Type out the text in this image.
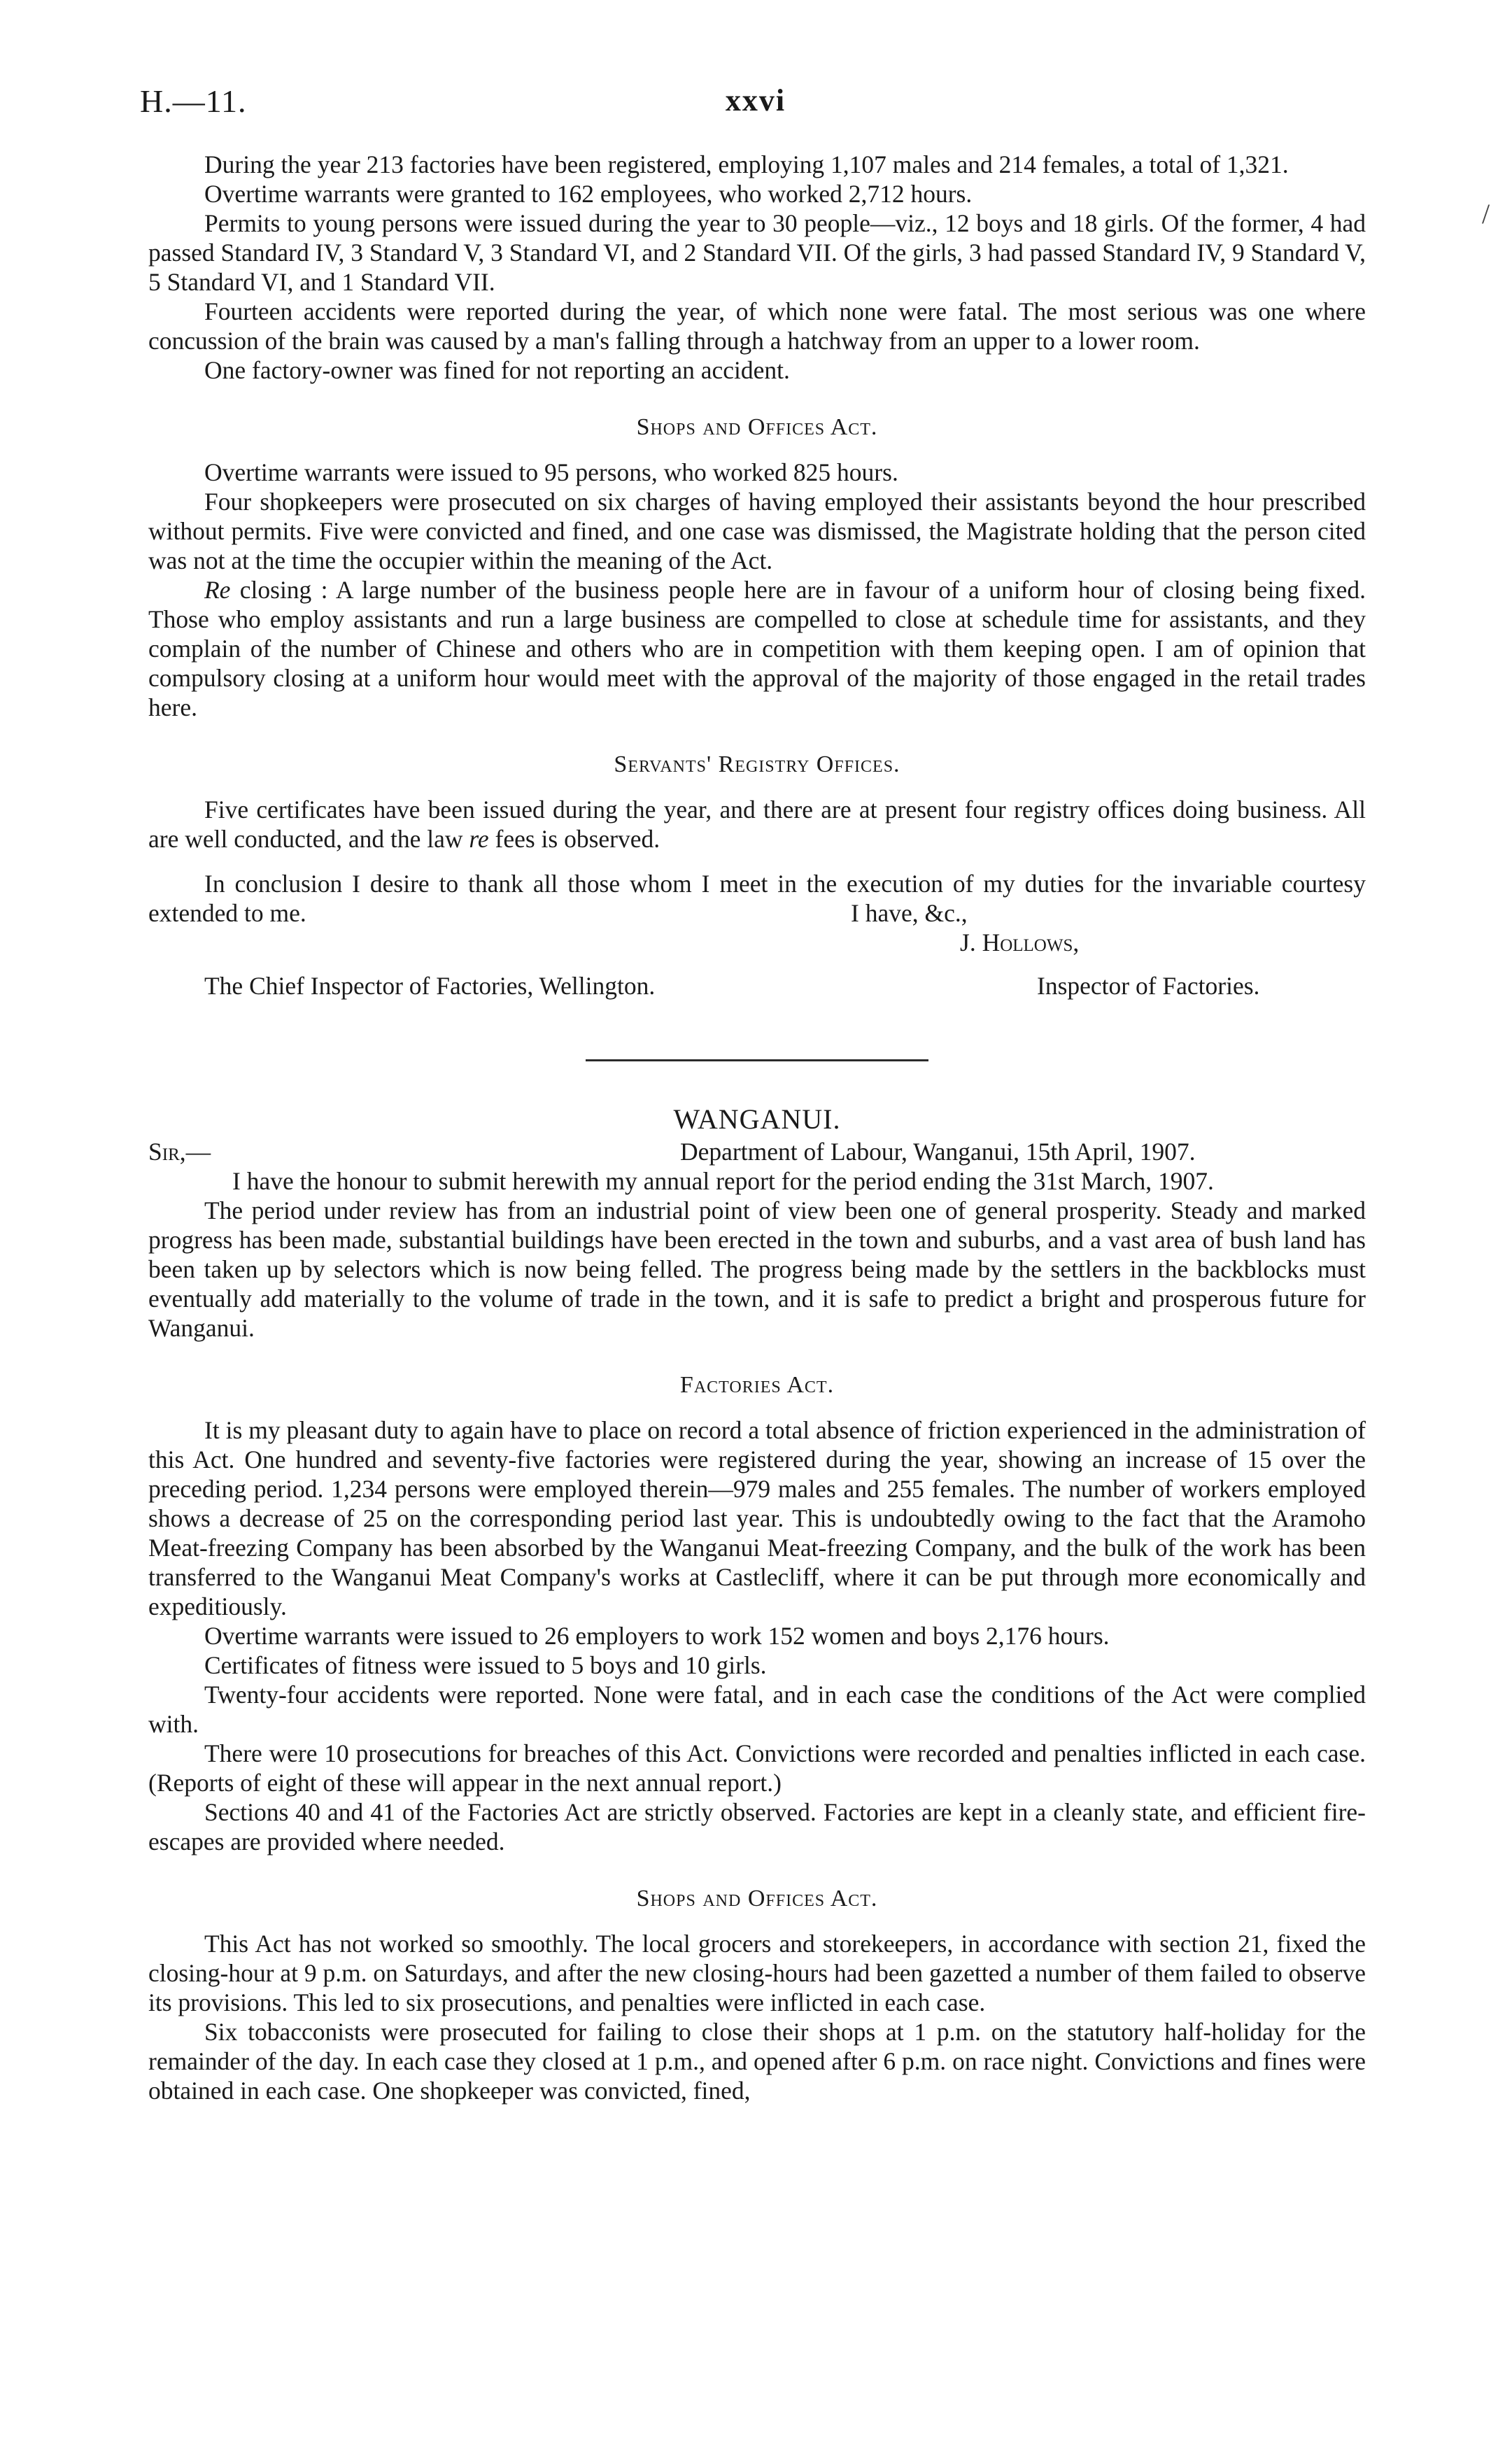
H.—11.	xxvi
/

During the year 213 factories have been registered, employing 1,107 males and 214 females, a total of 1,321.

Overtime warrants were granted to 162 employees, who worked 2,712 hours.

Permits to young persons were issued during the year to 30 people—viz., 12 boys and 18 girls. Of the former, 4 had passed Standard IV, 3 Standard V, 3 Standard VI, and 2 Standard VII. Of the girls, 3 had passed Standard IV, 9 Standard V, 5 Standard VI, and 1 Standard VII.

Fourteen accidents were reported during the year, of which none were fatal. The most serious was one where concussion of the brain was caused by a man's falling through a hatchway from an upper to a lower room.

One factory-owner was fined for not reporting an accident.

Shops and Offices Act.

Overtime warrants were issued to 95 persons, who worked 825 hours.

Four shopkeepers were prosecuted on six charges of having employed their assistants beyond the hour prescribed without permits. Five were convicted and fined, and one case was dismissed, the Magistrate holding that the person cited was not at the time the occupier within the meaning of the Act.

Re closing : A large number of the business people here are in favour of a uniform hour of closing being fixed. Those who employ assistants and run a large business are compelled to close at schedule time for assistants, and they complain of the number of Chinese and others who are in competition with them keeping open. I am of opinion that compulsory closing at a uniform hour would meet with the approval of the majority of those engaged in the retail trades here.

Servants' Registry Offices.

Five certificates have been issued during the year, and there are at present four registry offices doing business. All are well conducted, and the law re fees is observed.

In conclusion I desire to thank all those whom I meet in the execution of my duties for the invariable courtesy extended to me.	I have, &c.,
J. Hollows,
The Chief Inspector of Factories, Wellington.	Inspector of Factories.
WANGANUI.
Sir,—	Department of Labour, Wanganui, 15th April, 1907.

I have the honour to submit herewith my annual report for the period ending the 31st March, 1907.

The period under review has from an industrial point of view been one of general prosperity. Steady and marked progress has been made, substantial buildings have been erected in the town and suburbs, and a vast area of bush land has been taken up by selectors which is now being felled. The progress being made by the settlers in the backblocks must eventually add materially to the volume of trade in the town, and it is safe to predict a bright and prosperous future for Wanganui.

Factories Act.

It is my pleasant duty to again have to place on record a total absence of friction experienced in the administration of this Act. One hundred and seventy-five factories were registered during the year, showing an increase of 15 over the preceding period. 1,234 persons were employed therein—979 males and 255 females. The number of workers employed shows a decrease of 25 on the corresponding period last year. This is undoubtedly owing to the fact that the Aramoho Meat-freezing Company has been absorbed by the Wanganui Meat-freezing Company, and the bulk of the work has been transferred to the Wanganui Meat Company's works at Castlecliff, where it can be put through more economically and expeditiously.

Overtime warrants were issued to 26 employers to work 152 women and boys 2,176 hours.

Certificates of fitness were issued to 5 boys and 10 girls.

Twenty-four accidents were reported. None were fatal, and in each case the conditions of the Act were complied with.

There were 10 prosecutions for breaches of this Act. Convictions were recorded and penalties inflicted in each case. (Reports of eight of these will appear in the next annual report.)

Sections 40 and 41 of the Factories Act are strictly observed. Factories are kept in a cleanly state, and efficient fire-escapes are provided where needed.

Shops and Offices Act.

This Act has not worked so smoothly. The local grocers and storekeepers, in accordance with section 21, fixed the closing-hour at 9 p.m. on Saturdays, and after the new closing-hours had been gazetted a number of them failed to observe its provisions. This led to six prosecutions, and penalties were inflicted in each case.

Six tobacconists were prosecuted for failing to close their shops at 1 p.m. on the statutory half-holiday for the remainder of the day. In each case they closed at 1 p.m., and opened after 6 p.m. on race night. Convictions and fines were obtained in each case. One shopkeeper was convicted, fined,
